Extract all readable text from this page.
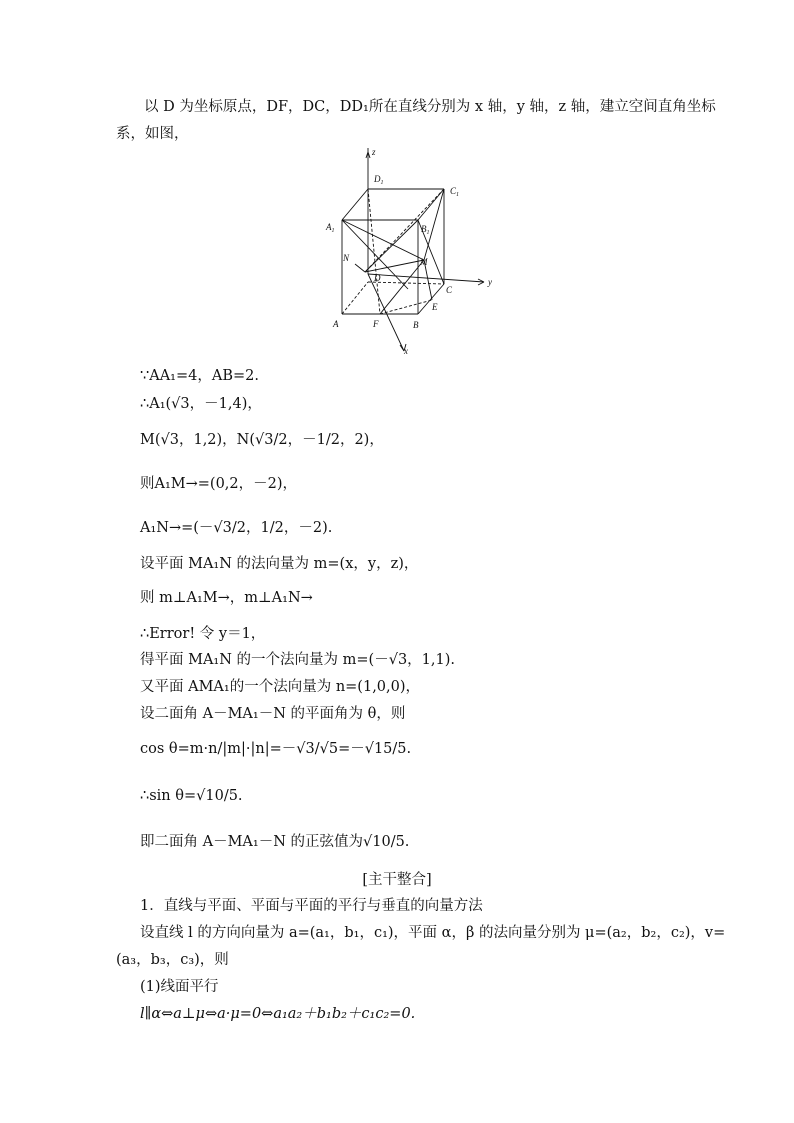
以 D 为坐标原点，DF，DC，DD₁所在直线分别为 x 轴，y 轴，z 轴，建立空间直角坐标
系，如图，
z
y
x
$D_1$
$C_1$
$A_1$	$B_1$
N	M
D
C
E
A	F	B
∵AA₁=4，AB=2.
∴A₁(√3，－1,4)，
M(√3，1,2)，N(√3/2，－1/2，2)，
则A₁M→=(0,2，－2)，
A₁N→=(－√3/2，1/2，－2).
设平面 MA₁N 的法向量为 m=(x，y，z)，
则 m⊥A₁M→，m⊥A₁N→
∴Error! 令 y＝1，
得平面 MA₁N 的一个法向量为 m=(－√3，1,1).
又平面 AMA₁的一个法向量为 n=(1,0,0)，
设二面角 A－MA₁－N 的平面角为 θ，则
cos θ=m·n/|m|·|n|=－√3/√5=－√15/5.
∴sin θ=√10/5.
即二面角 A－MA₁－N 的正弦值为√10/5.
[主干整合]
1．直线与平面、平面与平面的平行与垂直的向量方法
设直线 l 的方向向量为 a=(a₁，b₁，c₁)，平面 α，β 的法向量分别为 μ=(a₂，b₂，c₂)，v=
(a₃，b₃，c₃)，则
(1)线面平行
l∥α⇔a⊥μ⇔a·μ=0⇔a₁a₂＋b₁b₂＋c₁c₂=0.
